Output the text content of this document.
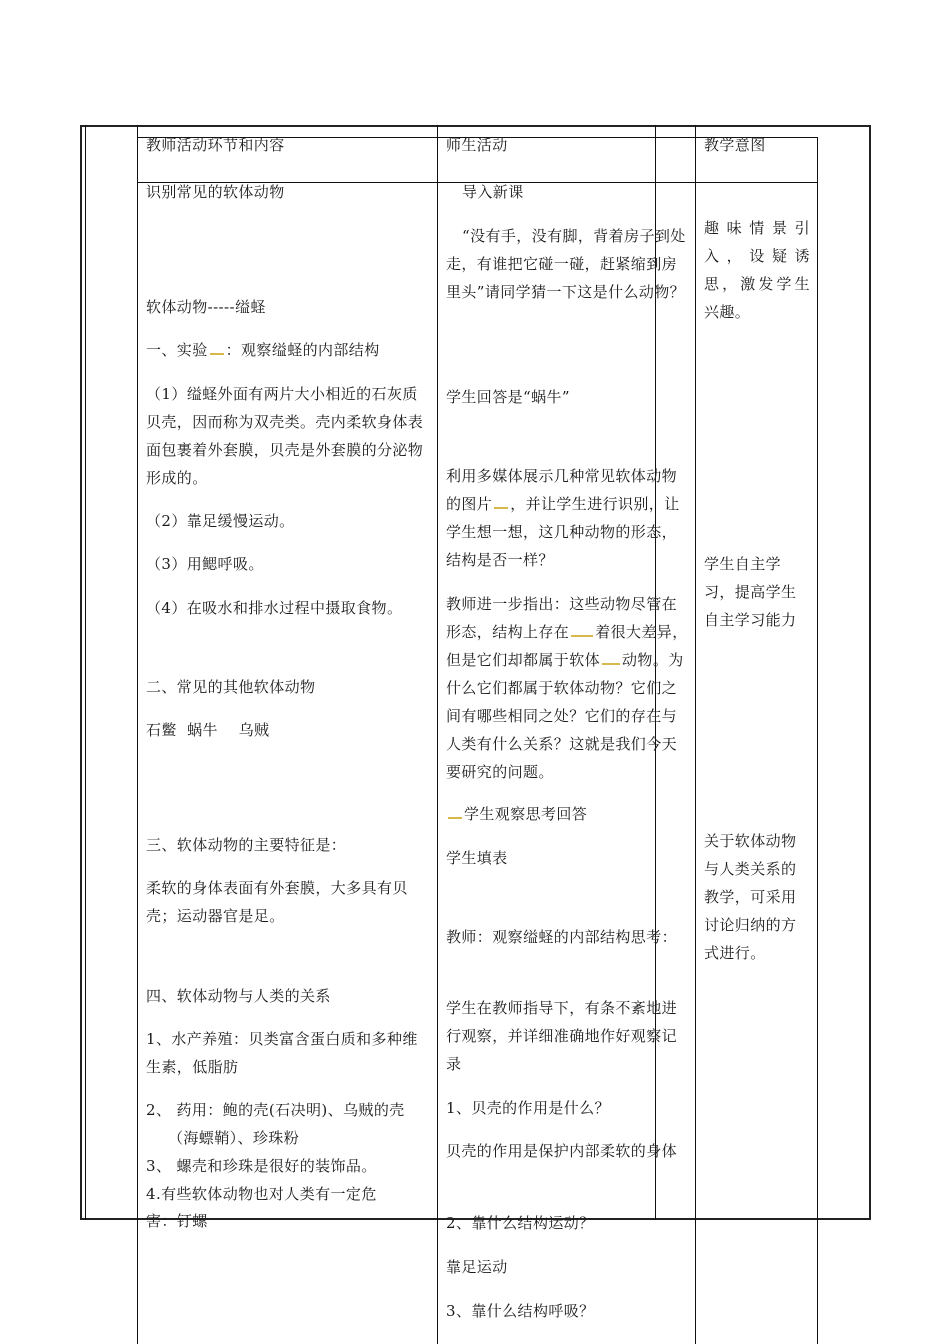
教师活动环节和内容	师生活动	教学意图
识别常见的软体动物
软体动物-----缢蛏
一、实验 ：观察缢蛏的内部结构
（1）缢蛏外面有两片大小相近的石灰质贝壳，因而称为双壳类。壳内柔软身体表面包裹着外套膜，贝壳是外套膜的分泌物形成的。
（2）靠足缓慢运动。
（3）用鳃呼吸。
（4）在吸水和排水过程中摄取食物。
二、常见的其他软体动物
石鳖  蜗牛    乌贼
三、软体动物的主要特征是：
柔软的身体表面有外套膜，大多具有贝壳；运动器官是足。
四、软体动物与人类的关系
1、水产养殖：贝类富含蛋白质和多种维生素，低脂肪
2、 药用：鲍的壳(石决明)、乌贼的壳
（海螵鞘）、珍珠粉
3、 螺壳和珍珠是很好的装饰品。
4.有些软体动物也对人类有一定危
害：钉螺
导入新课
“没有手，没有脚，背着房子到处走，有谁把它碰一碰，赶紧缩到房里头”请同学猜一下这是什么动物？
学生回答是“蜗牛”
利用多媒体展示几种常见软体动物的图片 ，并让学生进行识别，让学生想一想，这几种动物的形态，结构是否一样？
教师进一步指出：这些动物尽管在形态，结构上存在 着很大差异，但是它们却都属于软体 动物。为什么它们都属于软体动物？它们之间有哪些相同之处？它们的存在与人类有什么关系？这就是我们今天要研究的问题。
学生观察思考回答
学生填表
教师：观察缢蛏的内部结构思考：
学生在教师指导下，有条不紊地进行观察，并详细准确地作好观察记录
1、贝壳的作用是什么？
贝壳的作用是保护内部柔软的身体
2、靠什么结构运动？
靠足运动
3、靠什么结构呼吸？
趣味情景引入，设疑诱思，激发学生兴趣。
学生自主学习，提高学生自主学习能力
关于软体动物与人类关系的教学，可采用讨论归纳的方式进行。
